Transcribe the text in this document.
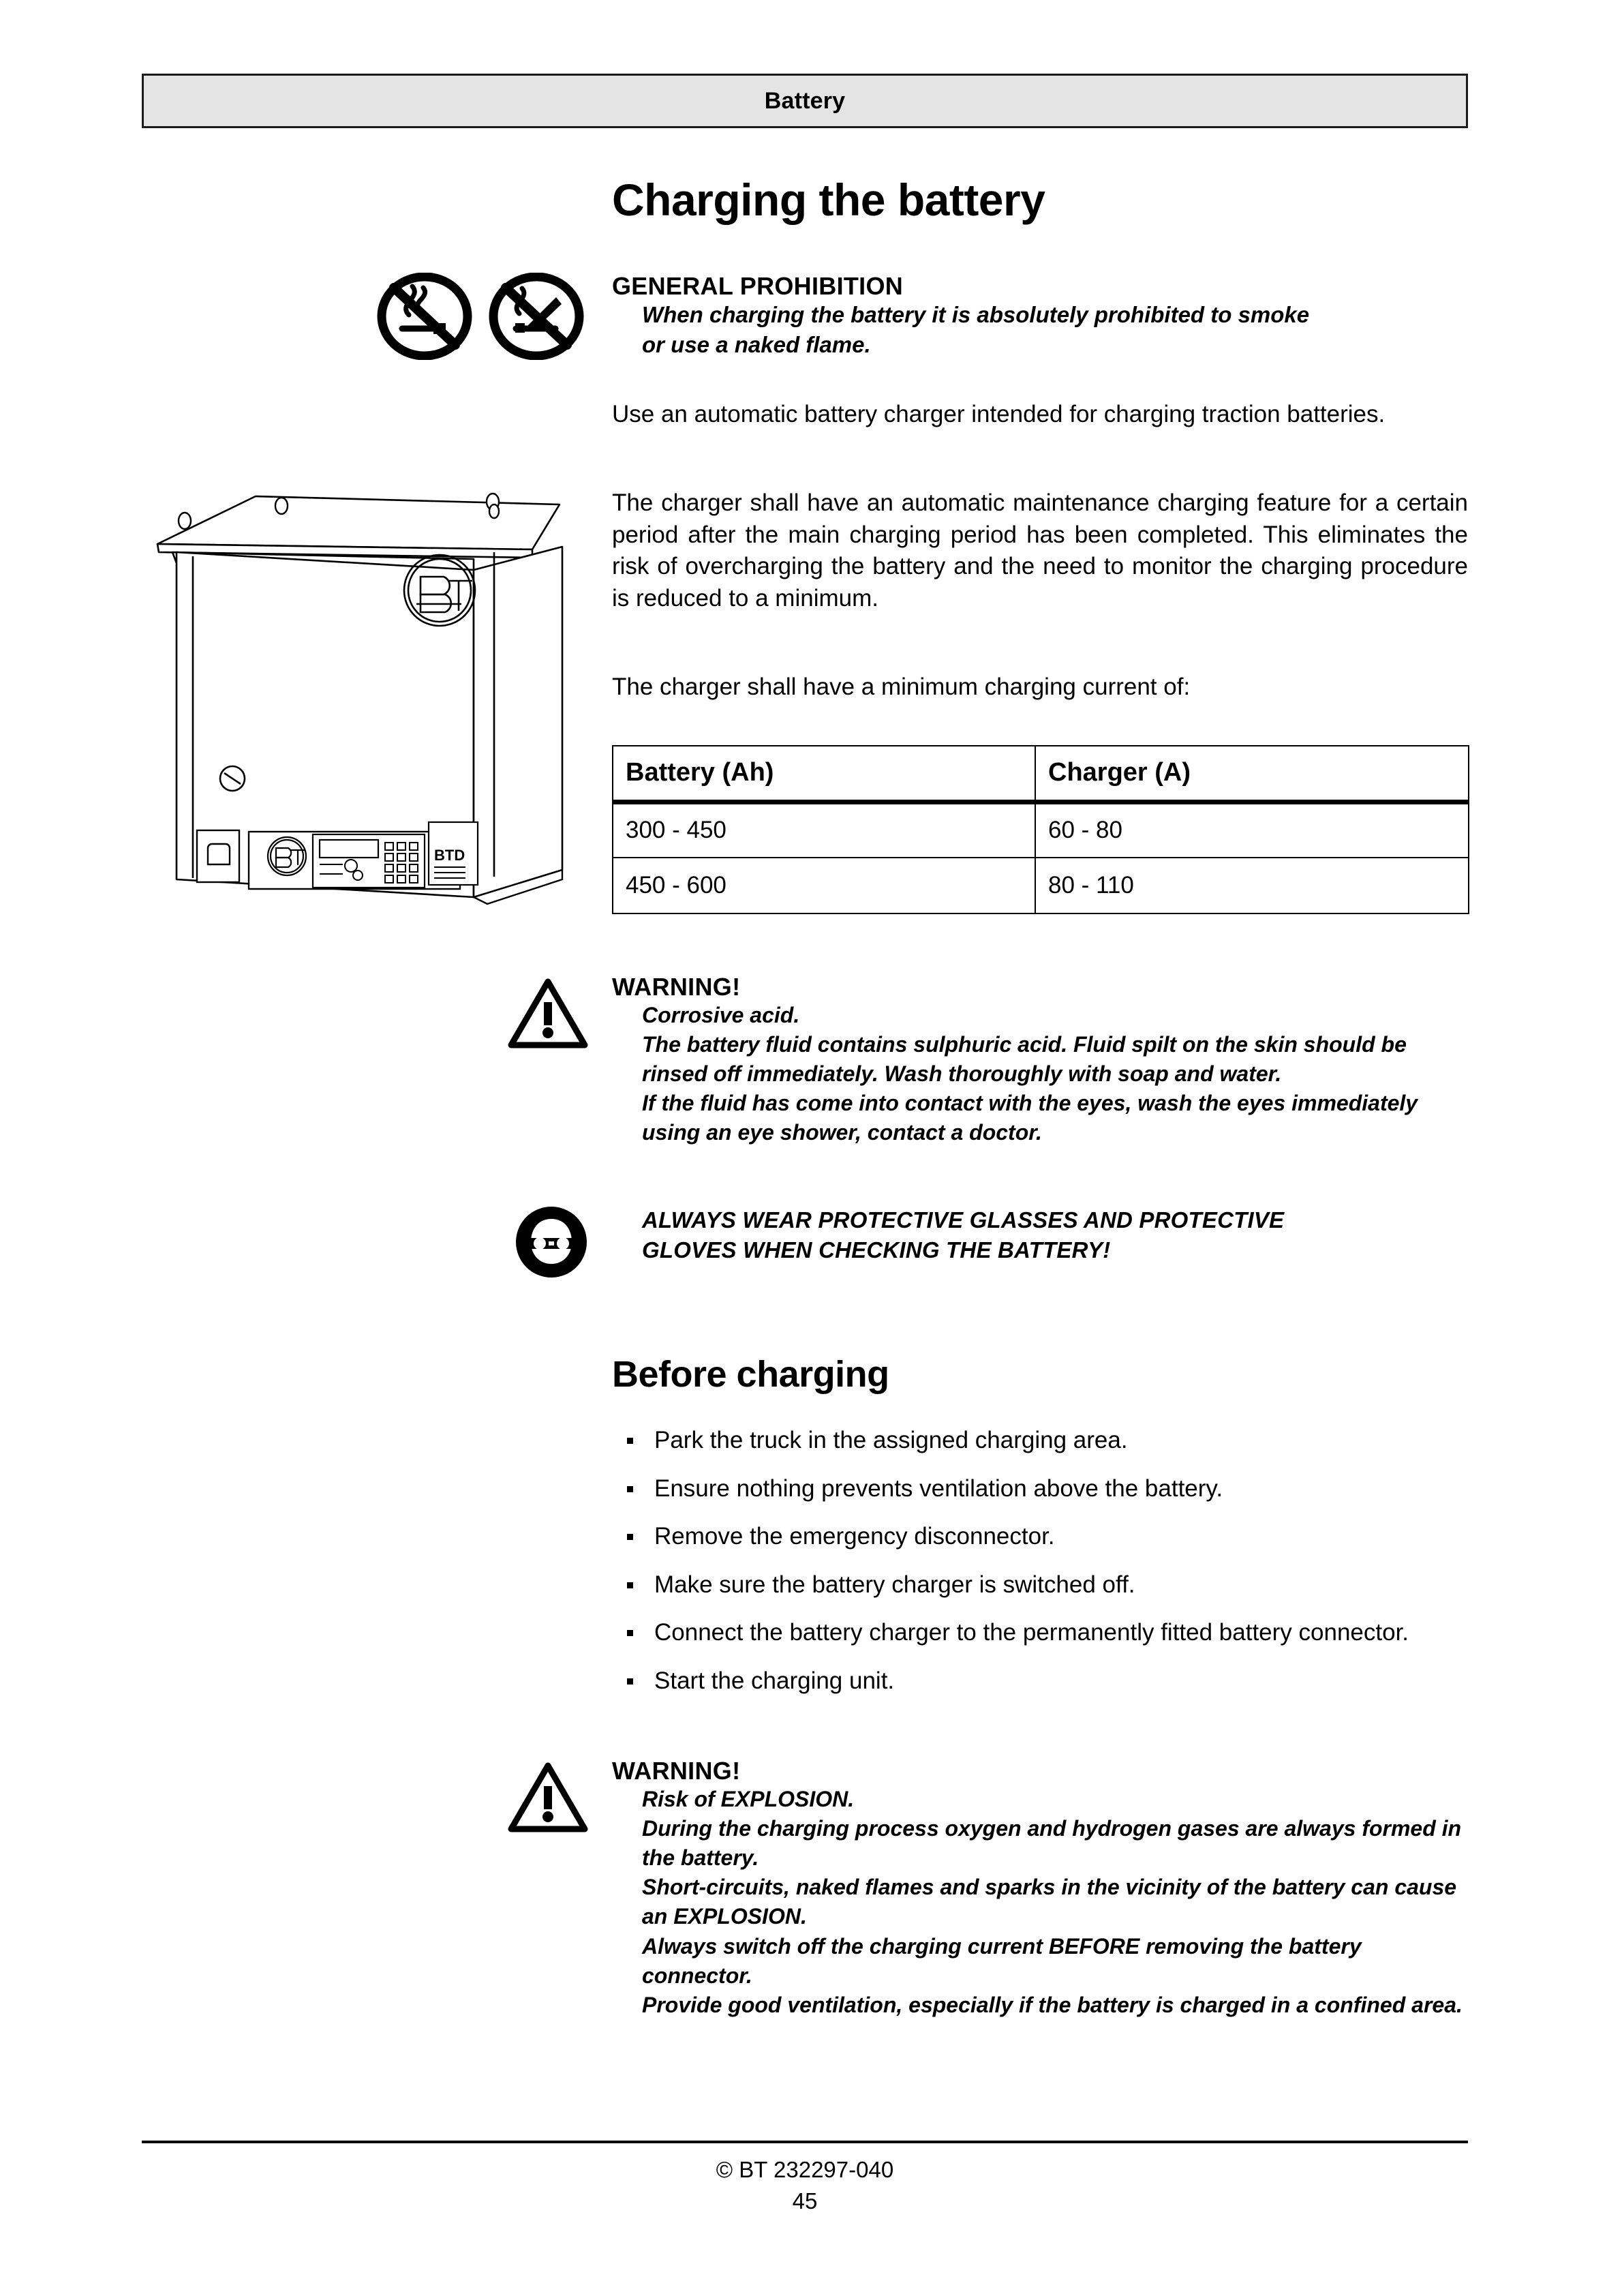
Battery
Charging the battery
GENERAL PROHIBITION
When charging the battery it is absolutely prohibited to smoke
or use a naked flame.
Use an automatic battery charger intended for charging traction batteries.
The charger shall have an automatic maintenance charging feature for a certain period after the main charging period has been completed. This eliminates the risk of overcharging the battery and the need to monitor the charging procedure is reduced to a minimum.
The charger shall have a minimum charging current of:
BTD
Battery (Ah)	Charger (A)
300 - 450	60 - 80
450 - 600	80 - 110
WARNING!
Corrosive acid.
The battery fluid contains sulphuric acid. Fluid spilt on the skin should be rinsed off immediately. Wash thoroughly with soap and water.
If the fluid has come into contact with the eyes, wash the eyes immediately using an eye shower, contact a doctor.
ALWAYS WEAR PROTECTIVE GLASSES AND PROTECTIVE
GLOVES WHEN CHECKING THE BATTERY!
Before charging
Park the truck in the assigned charging area.
Ensure nothing prevents ventilation above the battery.
Remove the emergency disconnector.
Make sure the battery charger is switched off.
Connect the battery charger to the permanently fitted battery connector.
Start the charging unit.
WARNING!
Risk of EXPLOSION.
During the charging process oxygen and hydrogen gases are always formed in the battery.
Short-circuits, naked flames and sparks in the vicinity of the battery can cause an EXPLOSION.
Always switch off the charging current BEFORE removing the battery connector.
Provide good ventilation, especially if the battery is charged in a confined area.
© BT 232297-040
45
